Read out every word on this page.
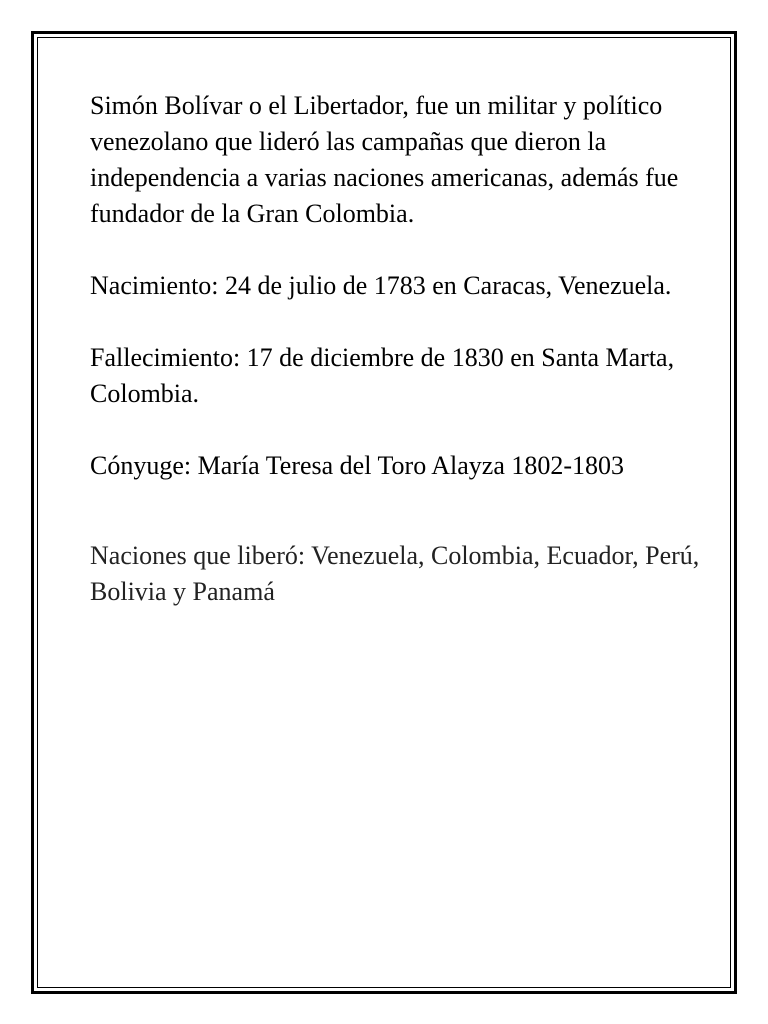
Simón Bolívar o el Libertador, fue un militar y político venezolano que lideró las campañas que dieron la independencia a varias naciones americanas, además fue fundador de la Gran Colombia.

Nacimiento: 24 de julio de 1783 en Caracas, Venezuela.

Fallecimiento: 17 de diciembre de 1830 en Santa Marta, Colombia.

Cónyuge: María Teresa del Toro Alayza 1802-1803

Naciones que liberó: Venezuela, Colombia, Ecuador, Perú, Bolivia y Panamá
